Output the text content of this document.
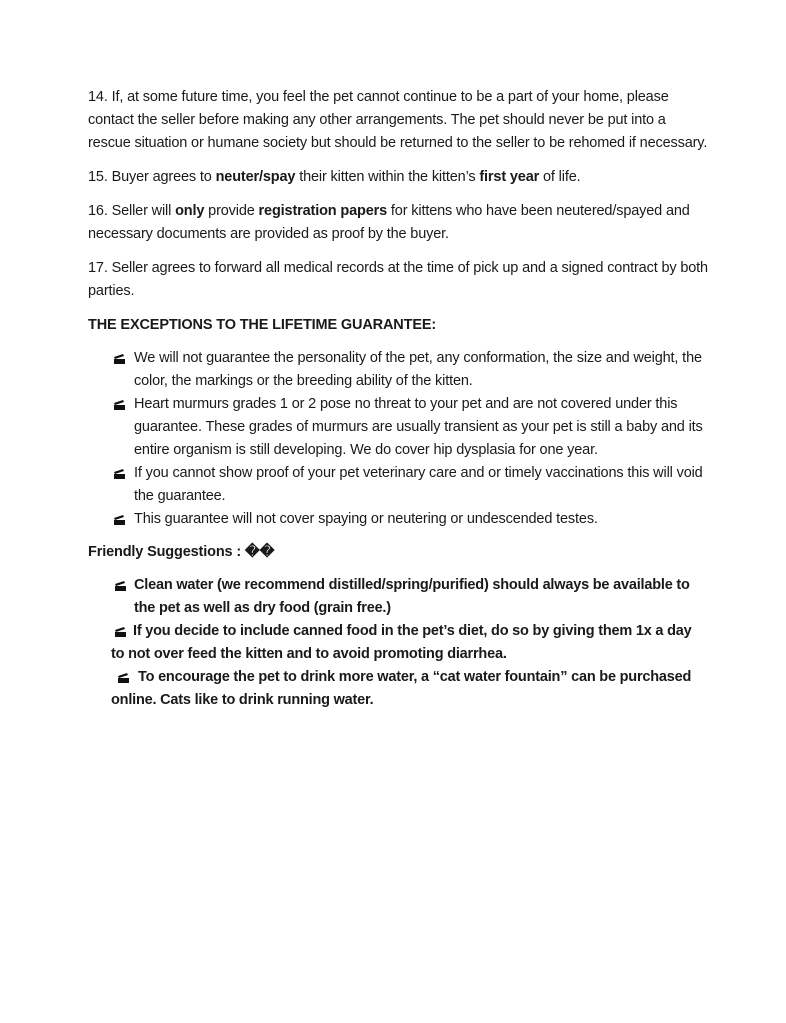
14. If, at some future time, you feel the pet cannot continue to be a part of your home, please contact the seller before making any other arrangements. The pet should never be put into a rescue situation or humane society but should be returned to the seller to be rehomed if necessary.

15. Buyer agrees to neuter/spay their kitten within the kitten’s first year of life.

16. Seller will only provide registration papers for kittens who have been neutered/spayed and necessary documents are provided as proof by the buyer.

17. Seller agrees to forward all medical records at the time of pick up and a signed contract by both parties.

THE EXCEPTIONS TO THE LIFETIME GUARANTEE:

We will not guarantee the personality of the pet, any conformation, the size and weight, the color, the markings or the breeding ability of the kitten.
Heart murmurs grades 1 or 2 pose no threat to your pet and are not covered under this guarantee. These grades of murmurs are usually transient as your pet is still a baby and its entire organism is still developing. We do cover hip dysplasia for one year.
If you cannot show proof of your pet veterinary care and or timely vaccinations this will void the guarantee.
This guarantee will not cover spaying or neutering or undescended testes.

Friendly Suggestions : ��

Clean water (we recommend distilled/spring/purified) should always be available to the pet as well as dry food (grain free.)
If you decide to include canned food in the pet’s diet, do so by giving them 1x a day to not over feed the kitten and to avoid promoting diarrhea.
To encourage the pet to drink more water, a “cat water fountain” can be purchased online. Cats like to drink running water.
